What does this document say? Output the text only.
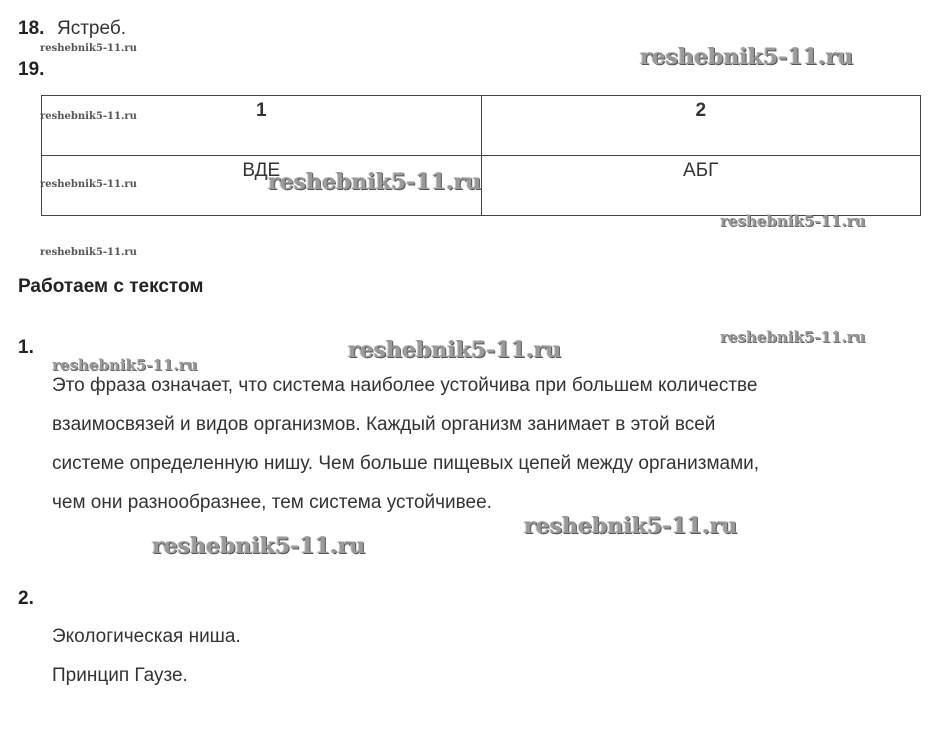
18. Ястреб.
19.
1	2
ВДЕ	АБГ
Работаем с текстом
1.
Это фраза означает, что система наиболее устойчива при большем количестве
взаимосвязей и видов организмов. Каждый организм занимает в этой всей
системе определенную нишу. Чем больше пищевых цепей между организмами,
чем они разнообразнее, тем система устойчивее.
2.
Экологическая ниша.
Принцип Гаузе.
reshebnik5-11.ru	reshebnik5-11.ru
reshebnik5-11.ru
reshebnik5-11.ru	reshebnik5-11.ru
reshebnik5-11.ru
reshebnik5-11.ru
reshebnik5-11.ru
reshebnik5-11.ru
reshebnik5-11.ru
reshebnik5-11.ru
reshebnik5-11.ru
